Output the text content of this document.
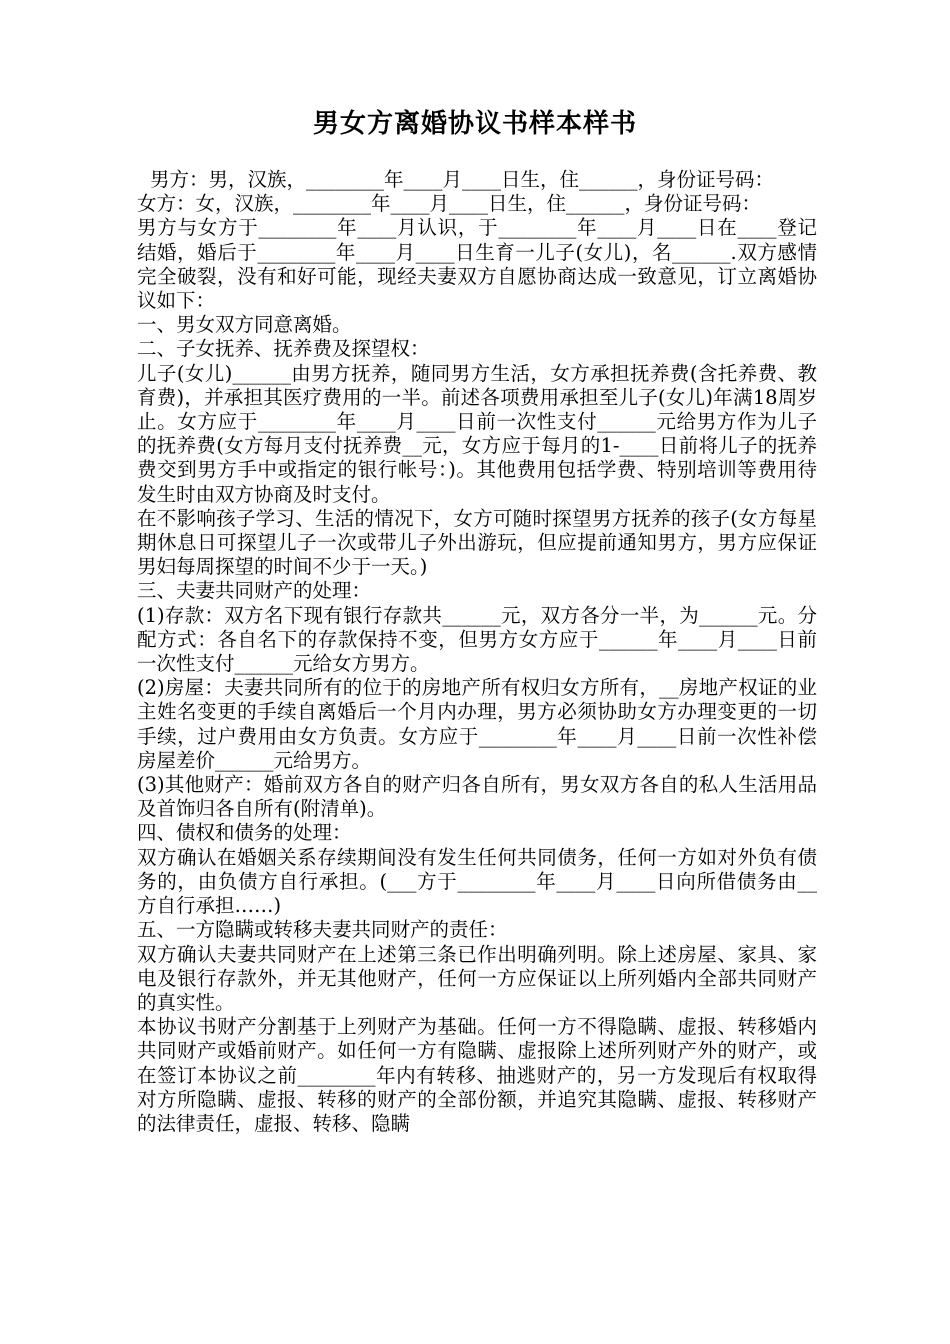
男女方离婚协议书样本样书

男方：男，汉族，________年____月____日生，住______，身份证号码：

女方：女，汉族，________年____月____日生，住______，身份证号码：

男方与女方于________年____月认识，于________年____月____日在____登记结婚，婚后于________年____月____日生育一儿子(女儿)，名______.双方感情完全破裂，没有和好可能，现经夫妻双方自愿协商达成一致意见，订立离婚协议如下：

一、男女双方同意离婚。

二、子女抚养、抚养费及探望权：

儿子(女儿)______由男方抚养，随同男方生活，女方承担抚养费(含托养费、教育费)，并承担其医疗费用的一半。前述各项费用承担至儿子(女儿)年满18周岁止。女方应于________年____月____日前一次性支付______元给男方作为儿子的抚养费(女方每月支付抚养费__元，女方应于每月的1-____日前将儿子的抚养费交到男方手中或指定的银行帐号：)。其他费用包括学费、特别培训等费用待发生时由双方协商及时支付。

在不影响孩子学习、生活的情况下，女方可随时探望男方抚养的孩子(女方每星期休息日可探望儿子一次或带儿子外出游玩，但应提前通知男方，男方应保证男妇每周探望的时间不少于一天。)

三、夫妻共同财产的处理：

(1)存款：双方名下现有银行存款共______元，双方各分一半，为______元。分配方式：各自名下的存款保持不变，但男方女方应于______年____月____日前一次性支付______元给女方男方。

(2)房屋：夫妻共同所有的位于的房地产所有权归女方所有，__房地产权证的业主姓名变更的手续自离婚后一个月内办理，男方必须协助女方办理变更的一切手续，过户费用由女方负责。女方应于________年____月____日前一次性补偿房屋差价______元给男方。

(3)其他财产：婚前双方各自的财产归各自所有，男女双方各自的私人生活用品及首饰归各自所有(附清单)。

四、债权和债务的处理：

双方确认在婚姻关系存续期间没有发生任何共同债务，任何一方如对外负有债务的，由负债方自行承担。(___方于________年____月____日向所借债务由__方自行承担……)

五、一方隐瞒或转移夫妻共同财产的责任：

双方确认夫妻共同财产在上述第三条已作出明确列明。除上述房屋、家具、家电及银行存款外，并无其他财产，任何一方应保证以上所列婚内全部共同财产的真实性。

本协议书财产分割基于上列财产为基础。任何一方不得隐瞒、虚报、转移婚内共同财产或婚前财产。如任何一方有隐瞒、虚报除上述所列财产外的财产，或在签订本协议之前________年内有转移、抽逃财产的，另一方发现后有权取得对方所隐瞒、虚报、转移的财产的全部份额，并追究其隐瞒、虚报、转移财产的法律责任，虚报、转移、隐瞒
